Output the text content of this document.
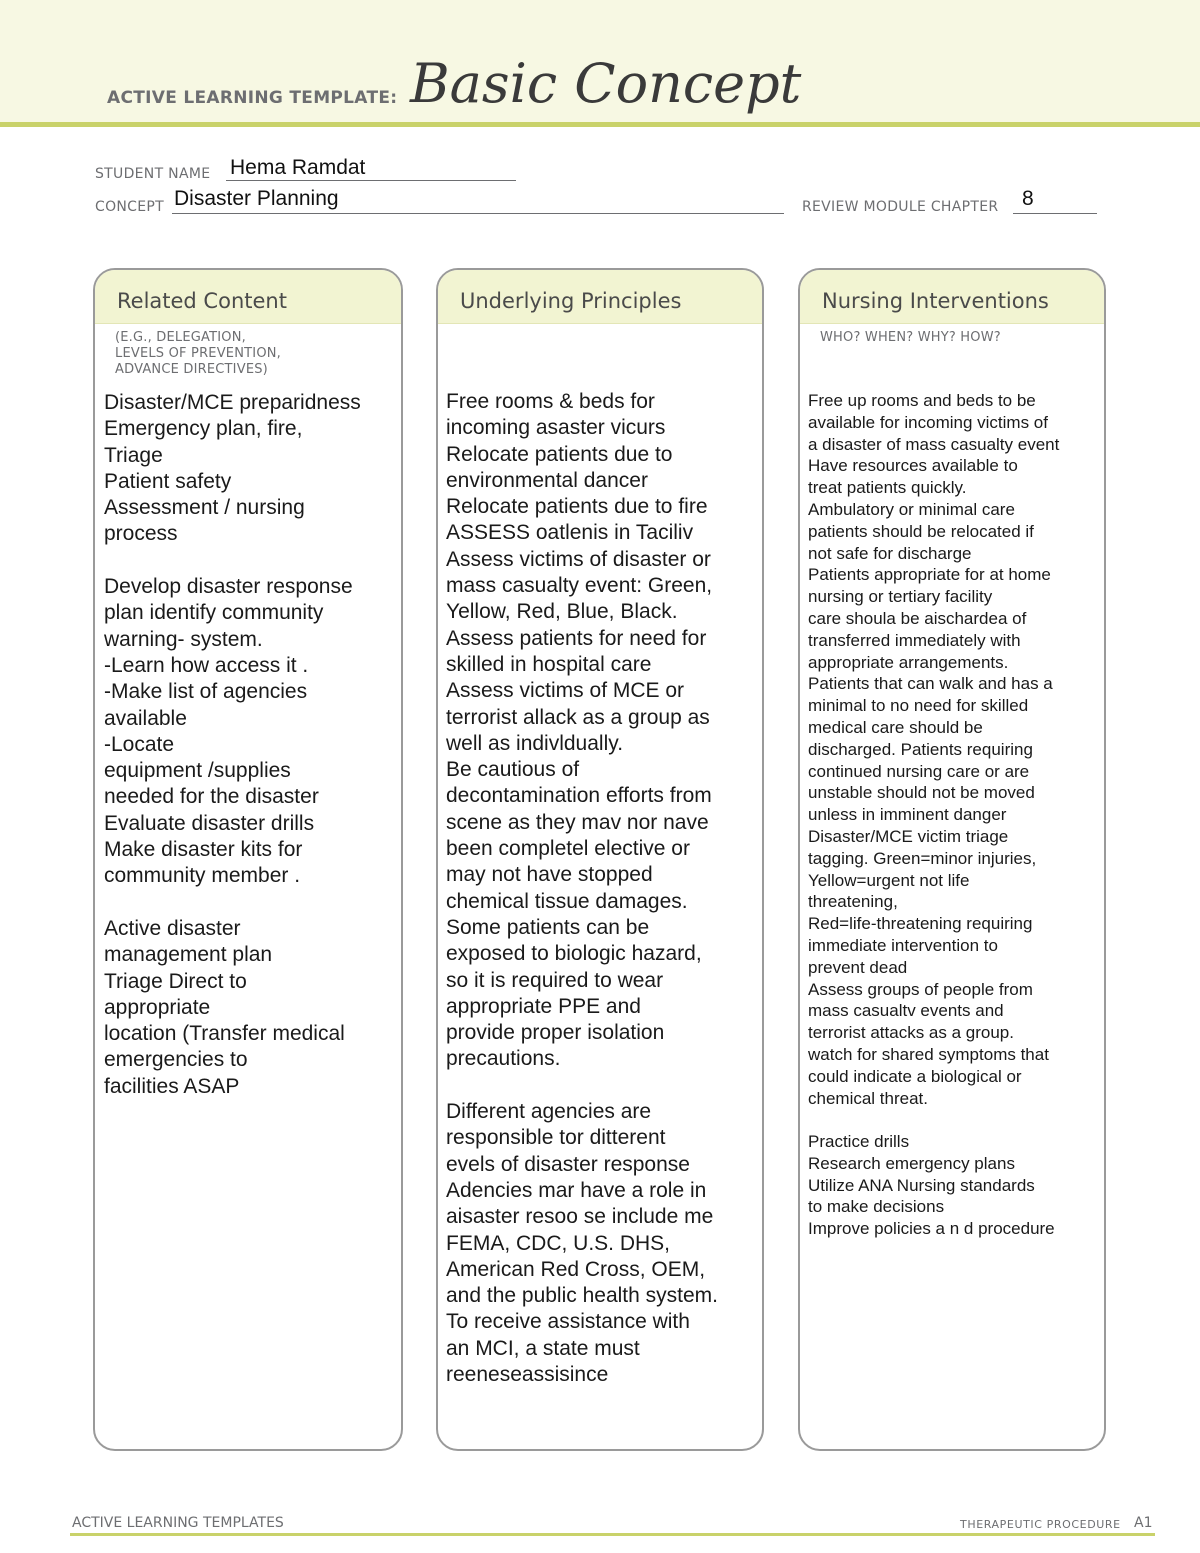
ACTIVE LEARNING TEMPLATE: Basic Concept
STUDENT NAME Hema Ramdat
CONCEPT Disaster Planning	REVIEW MODULE CHAPTER 8
Related Content
(E.G., DELEGATION,
LEVELS OF PREVENTION,
ADVANCE DIRECTIVES)
Disaster/MCE preparidness
Emergency plan, fire,
Triage
Patient safety
Assessment / nursing
process
Develop disaster response
plan identify community
warning- system.
-Learn how access it .
-Make list of agencies
available
-Locate
equipment /supplies
needed for the disaster
Evaluate disaster drills
Make disaster kits for
community member .
Active disaster
management plan
Triage Direct to
appropriate
location (Transfer medical
emergencies to
facilities ASAP
Underlying Principles
Free rooms & beds for
incoming asaster vicurs
Relocate patients due to
environmental dancer
Relocate patients due to fire
ASSESS oatlenis in Taciliv
Assess victims of disaster or
mass casualty event: Green,
Yellow, Red, Blue, Black.
Assess patients for need for
skilled in hospital care
Assess victims of MCE or
terrorist allack as a group as
well as indivldually.
Be cautious of
decontamination efforts from
scene as they mav nor nave
been completel elective or
may not have stopped
chemical tissue damages.
Some patients can be
exposed to biologic hazard,
so it is required to wear
appropriate PPE and
provide proper isolation
precautions.
Different agencies are
responsible tor ditterent
evels of disaster response
Adencies mar have a role in
aisaster resoo se include me
FEMA, CDC, U.S. DHS,
American Red Cross, OEM,
and the public health system.
To receive assistance with
an MCI, a state must
reeneseassisince
Nursing Interventions
WHO? WHEN? WHY? HOW?
Free up rooms and beds to be
available for incoming victims of
a disaster of mass casualty event
Have resources available to
treat patients quickly.
Ambulatory or minimal care
patients should be relocated if
not safe for discharge
Patients appropriate for at home
nursing or tertiary facility
care shoula be aischardea of
transferred immediately with
appropriate arrangements.
Patients that can walk and has a
minimal to no need for skilled
medical care should be
discharged. Patients requiring
continued nursing care or are
unstable should not be moved
unless in imminent danger
Disaster/MCE victim triage
tagging. Green=minor injuries,
Yellow=urgent not life
threatening,
Red=life-threatening requiring
immediate intervention to
prevent dead
Assess groups of people from
mass casualtv events and
terrorist attacks as a group.
watch for shared symptoms that
could indicate a biological or
chemical threat.
Practice drills
Research emergency plans
Utilize ANA Nursing standards
to make decisions
Improve policies a n d procedure
ACTIVE LEARNING TEMPLATES	THERAPEUTIC PROCEDURE A1
